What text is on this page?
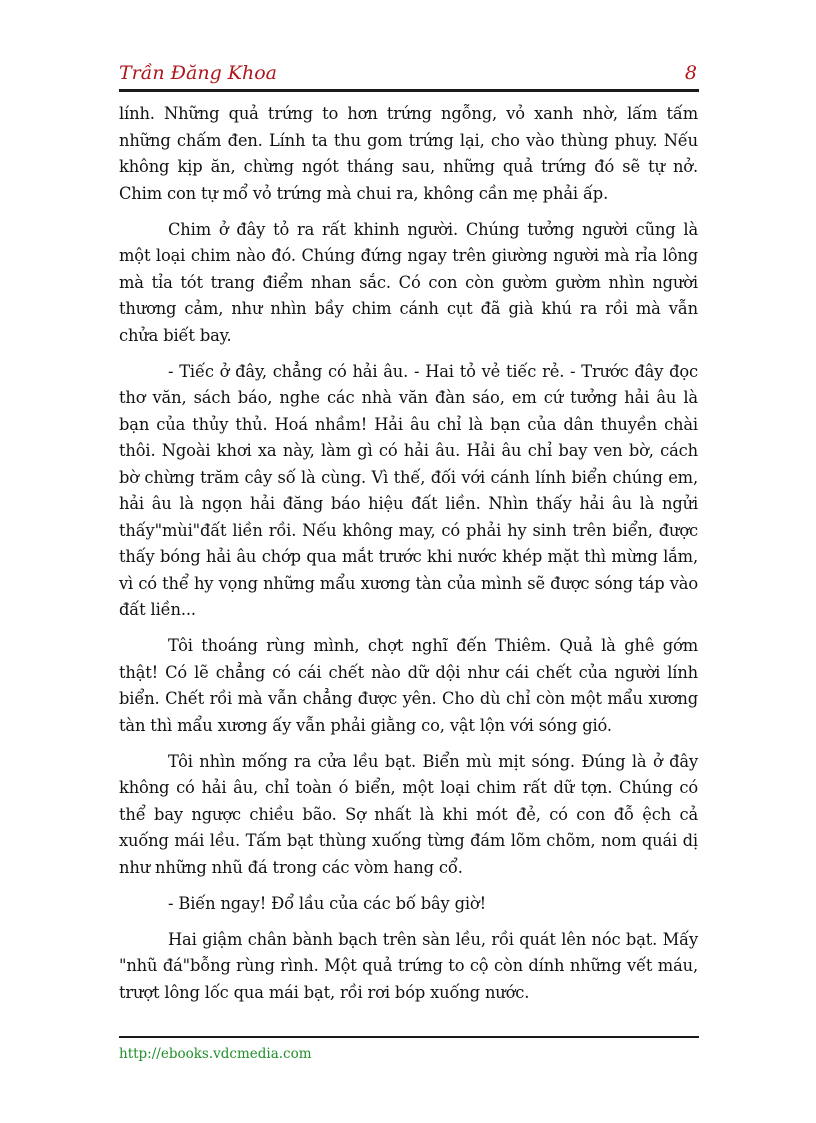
Trần Đăng Khoa	8

lính. Những quả trứng to hơn trứng ngỗng, vỏ xanh nhờ, lấm tấm những chấm đen. Lính ta thu gom trứng lại, cho vào thùng phuy. Nếu không kịp ăn, chừng ngót tháng sau, những quả trứng đó sẽ tự nở. Chim con tự mổ vỏ trứng mà chui ra, không cần mẹ phải ấp.

Chim ở đây tỏ ra rất khinh người. Chúng tưởng người cũng là một loại chim nào đó. Chúng đứng ngay trên giường người mà rỉa lông mà tỉa tót trang điểm nhan sắc. Có con còn gườm gườm nhìn người thương cảm, như nhìn bầy chim cánh cụt đã già khú ra rồi mà vẫn chửa biết bay.

- Tiếc ở đây, chẳng có hải âu. - Hai tỏ vẻ tiếc rẻ. - Trước đây đọc thơ văn, sách báo, nghe các nhà văn đàn sáo, em cứ tưởng hải âu là bạn của thủy thủ. Hoá nhầm! Hải âu chỉ là bạn của dân thuyền chài thôi. Ngoài khơi xa này, làm gì có hải âu. Hải âu chỉ bay ven bờ, cách bờ chừng trăm cây số là cùng. Vì thế, đối với cánh lính biển chúng em, hải âu là ngọn hải đăng báo hiệu đất liền. Nhìn thấy hải âu là ngửi thấy"mùi"đất liền rồi. Nếu không may, có phải hy sinh trên biển, được thấy bóng hải âu chớp qua mắt trước khi nước khép mặt thì mừng lắm, vì có thể hy vọng những mẩu xương tàn của mình sẽ được sóng táp vào đất liền...

Tôi thoáng rùng mình, chợt nghĩ đến Thiêm. Quả là ghê gớm thật! Có lẽ chẳng có cái chết nào dữ dội như cái chết của người lính biển. Chết rồi mà vẫn chẳng được yên. Cho dù chỉ còn một mẩu xương tàn thì mẩu xương ấy vẫn phải giằng co, vật lộn với sóng gió.

Tôi nhìn mống ra cửa lều bạt. Biển mù mịt sóng. Đúng là ở đây không có hải âu, chỉ toàn ó biển, một loại chim rất dữ tợn. Chúng có thể bay ngược chiều bão. Sợ nhất là khi mót đẻ, có con đỗ ệch cả xuống mái lều. Tấm bạt thùng xuống từng đám lõm chõm, nom quái dị như những nhũ đá trong các vòm hang cổ.

- Biến ngay! Đổ lầu của các bố bây giờ!

Hai giậm chân bành bạch trên sàn lều, rồi quát lên nóc bạt. Mấy "nhũ đá"bỗng rùng rình. Một quả trứng to cộ còn dính những vết máu, trượt lông lốc qua mái bạt, rồi rơi bóp xuống nước.

http://ebooks.vdcmedia.com
